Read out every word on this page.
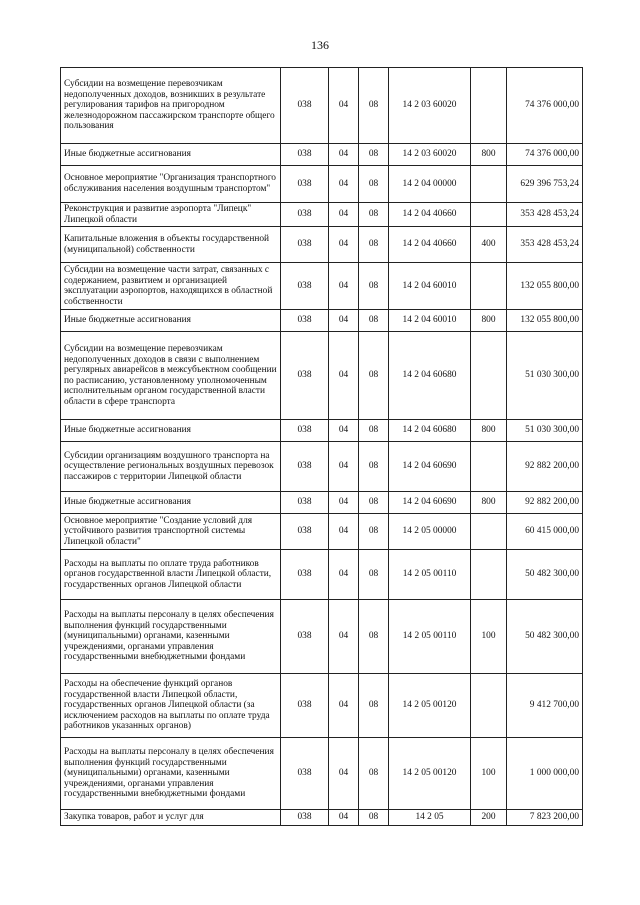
136
Субсидии на возмещение перевозчикам недополученных доходов, возникших в результате регулирования тарифов на пригородном железнодорожном пассажирском транспорте общего пользования	038	04	08	14 2 03 60020		74 376 000,00
Иные бюджетные ассигнования	038	04	08	14 2 03 60020	800	74 376 000,00
Основное мероприятие "Организация транспортного обслуживания населения воздушным транспортом"	038	04	08	14 2 04 00000		629 396 753,24
Реконструкция и развитие аэропорта "Липецк" Липецкой области	038	04	08	14 2 04 40660		353 428 453,24
Капитальные вложения в объекты государственной (муниципальной) собственности	038	04	08	14 2 04 40660	400	353 428 453,24
Субсидии на возмещение части затрат, связанных с содержанием, развитием и организацией эксплуатации аэропортов, находящихся в областной собственности	038	04	08	14 2 04 60010		132 055 800,00
Иные бюджетные ассигнования	038	04	08	14 2 04 60010	800	132 055 800,00
Субсидии на возмещение перевозчикам недополученных доходов в связи с выполнением регулярных авиарейсов в межсубъектном сообщении по расписанию, установленному уполномоченным исполнительным органом государственной власти области в сфере транспорта	038	04	08	14 2 04 60680		51 030 300,00
Иные бюджетные ассигнования	038	04	08	14 2 04 60680	800	51 030 300,00
Субсидии организациям воздушного транспорта на осуществление региональных воздушных перевозок пассажиров с территории Липецкой области	038	04	08	14 2 04 60690		92 882 200,00
Иные бюджетные ассигнования	038	04	08	14 2 04 60690	800	92 882 200,00
Основное мероприятие "Создание условий для устойчивого развития транспортной системы Липецкой области"	038	04	08	14 2 05 00000		60 415 000,00
Расходы на выплаты по оплате труда работников органов государственной власти Липецкой области, государственных органов Липецкой области	038	04	08	14 2 05 00110		50 482 300,00
Расходы на выплаты персоналу в целях обеспечения выполнения функций государственными (муниципальными) органами, казенными учреждениями, органами управления государственными внебюджетными фондами	038	04	08	14 2 05 00110	100	50 482 300,00
Расходы на обеспечение функций органов государственной власти Липецкой области, государственных органов Липецкой области (за исключением расходов на выплаты по оплате труда работников указанных органов)	038	04	08	14 2 05 00120		9 412 700,00
Расходы на выплаты персоналу в целях обеспечения выполнения функций государственными (муниципальными) органами, казенными учреждениями, органами управления государственными внебюджетными фондами	038	04	08	14 2 05 00120	100	1 000 000,00
Закупка товаров, работ и услуг для	038	04	08	14 2 05	200	7 823 200,00
